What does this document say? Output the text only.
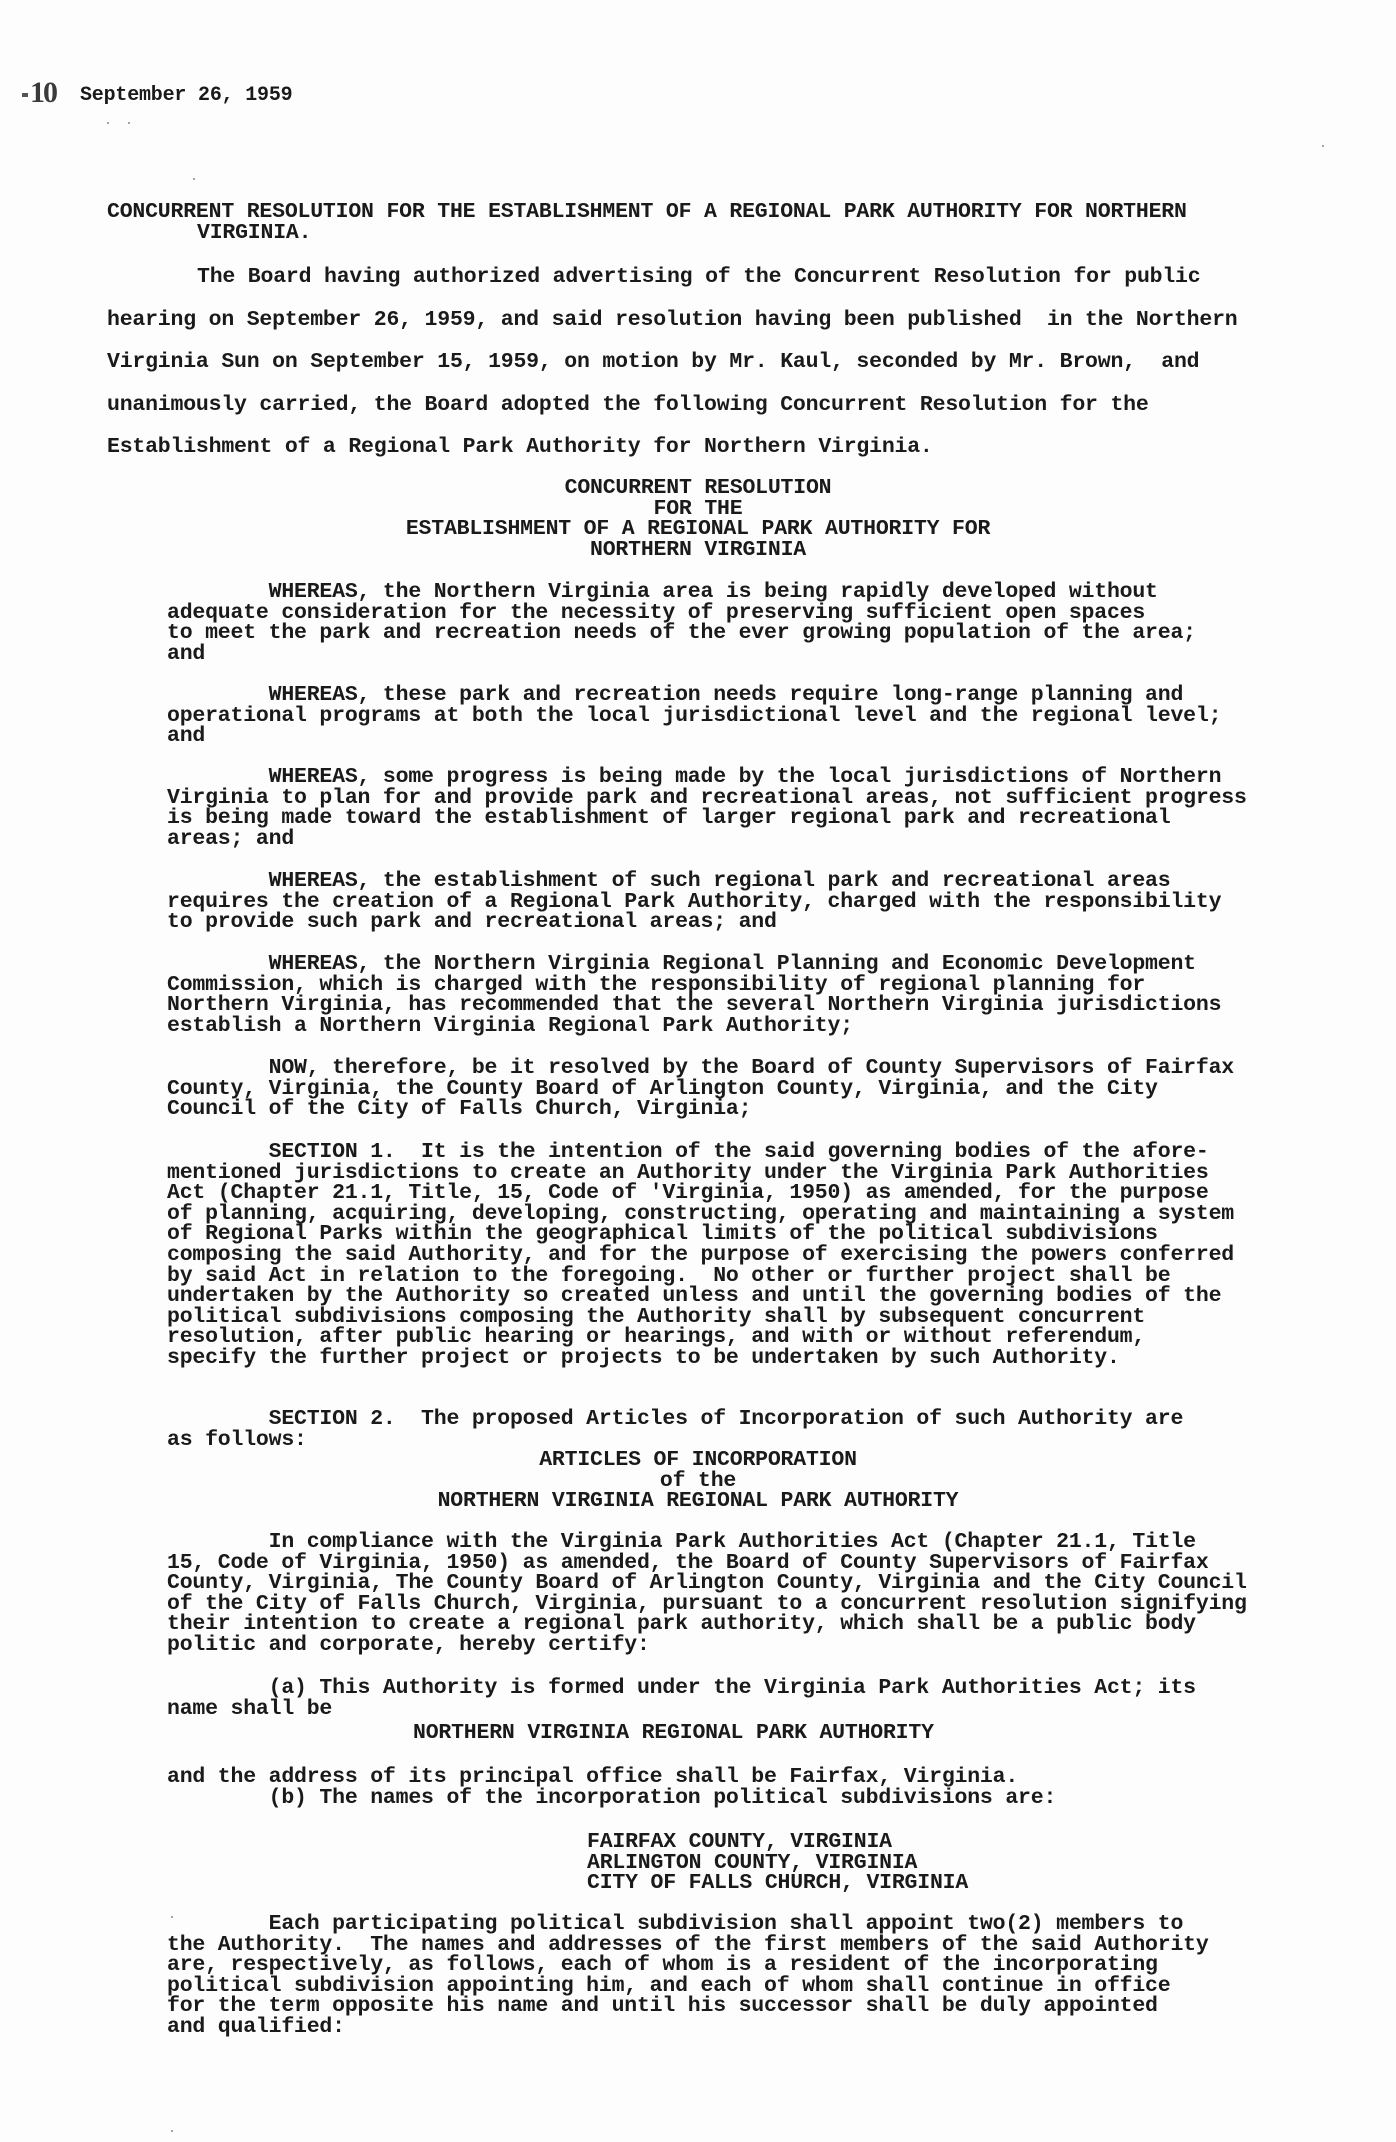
10 September 26, 1959

CONCURRENT RESOLUTION FOR THE ESTABLISHMENT OF A REGIONAL PARK AUTHORITY FOR NORTHERN

VIRGINIA.

The Board having authorized advertising of the Concurrent Resolution for public
hearing on September 26, 1959, and said resolution having been published  in the Northern
Virginia Sun on September 15, 1959, on motion by Mr. Kaul, seconded by Mr. Brown,  and
unanimously carried, the Board adopted the following Concurrent Resolution for the
Establishment of a Regional Park Authority for Northern Virginia.
CONCURRENT RESOLUTION
FOR THE
ESTABLISHMENT OF A REGIONAL PARK AUTHORITY FOR
NORTHERN VIRGINIA
WHEREAS, the Northern Virginia area is being rapidly developed without
adequate consideration for the necessity of preserving sufficient open spaces
to meet the park and recreation needs of the ever growing population of the area;
and
WHEREAS, these park and recreation needs require long-range planning and
operational programs at both the local jurisdictional level and the regional level;
and
WHEREAS, some progress is being made by the local jurisdictions of Northern
Virginia to plan for and provide park and recreational areas, not sufficient progress
is being made toward the establishment of larger regional park and recreational
areas; and
WHEREAS, the establishment of such regional park and recreational areas
requires the creation of a Regional Park Authority, charged with the responsibility
to provide such park and recreational areas; and
WHEREAS, the Northern Virginia Regional Planning and Economic Development
Commission, which is charged with the responsibility of regional planning for
Northern Virginia, has recommended that the several Northern Virginia jurisdictions
establish a Northern Virginia Regional Park Authority;
NOW, therefore, be it resolved by the Board of County Supervisors of Fairfax
County, Virginia, the County Board of Arlington County, Virginia, and the City
Council of the City of Falls Church, Virginia;
SECTION 1.  It is the intention of the said governing bodies of the afore-
mentioned jurisdictions to create an Authority under the Virginia Park Authorities
Act (Chapter 21.1, Title, 15, Code of 'Virginia, 1950) as amended, for the purpose
of planning, acquiring, developing, constructing, operating and maintaining a system
of Regional Parks within the geographical limits of the political subdivisions
composing the said Authority, and for the purpose of exercising the powers conferred
by said Act in relation to the foregoing.  No other or further project shall be
undertaken by the Authority so created unless and until the governing bodies of the
political subdivisions composing the Authority shall by subsequent concurrent
resolution, after public hearing or hearings, and with or without referendum,
specify the further project or projects to be undertaken by such Authority.
SECTION 2.  The proposed Articles of Incorporation of such Authority are
as follows:
ARTICLES OF INCORPORATION
of the
NORTHERN VIRGINIA REGIONAL PARK AUTHORITY
In compliance with the Virginia Park Authorities Act (Chapter 21.1, Title
15, Code of Virginia, 1950) as amended, the Board of County Supervisors of Fairfax
County, Virginia, The County Board of Arlington County, Virginia and the City Council
of the City of Falls Church, Virginia, pursuant to a concurrent resolution signifying
their intention to create a regional park authority, which shall be a public body
politic and corporate, hereby certify:
(a) This Authority is formed under the Virginia Park Authorities Act; its
name shall be

NORTHERN VIRGINIA REGIONAL PARK AUTHORITY

and the address of its principal office shall be Fairfax, Virginia.

(b) The names of the incorporation political subdivisions are:

FAIRFAX COUNTY, VIRGINIA
ARLINGTON COUNTY, VIRGINIA
CITY OF FALLS CHURCH, VIRGINIA
Each participating political subdivision shall appoint two(2) members to
the Authority.  The names and addresses of the first members of the said Authority
are, respectively, as follows, each of whom is a resident of the incorporating
political subdivision appointing him, and each of whom shall continue in office
for the term opposite his name and until his successor shall be duly appointed
and qualified:
